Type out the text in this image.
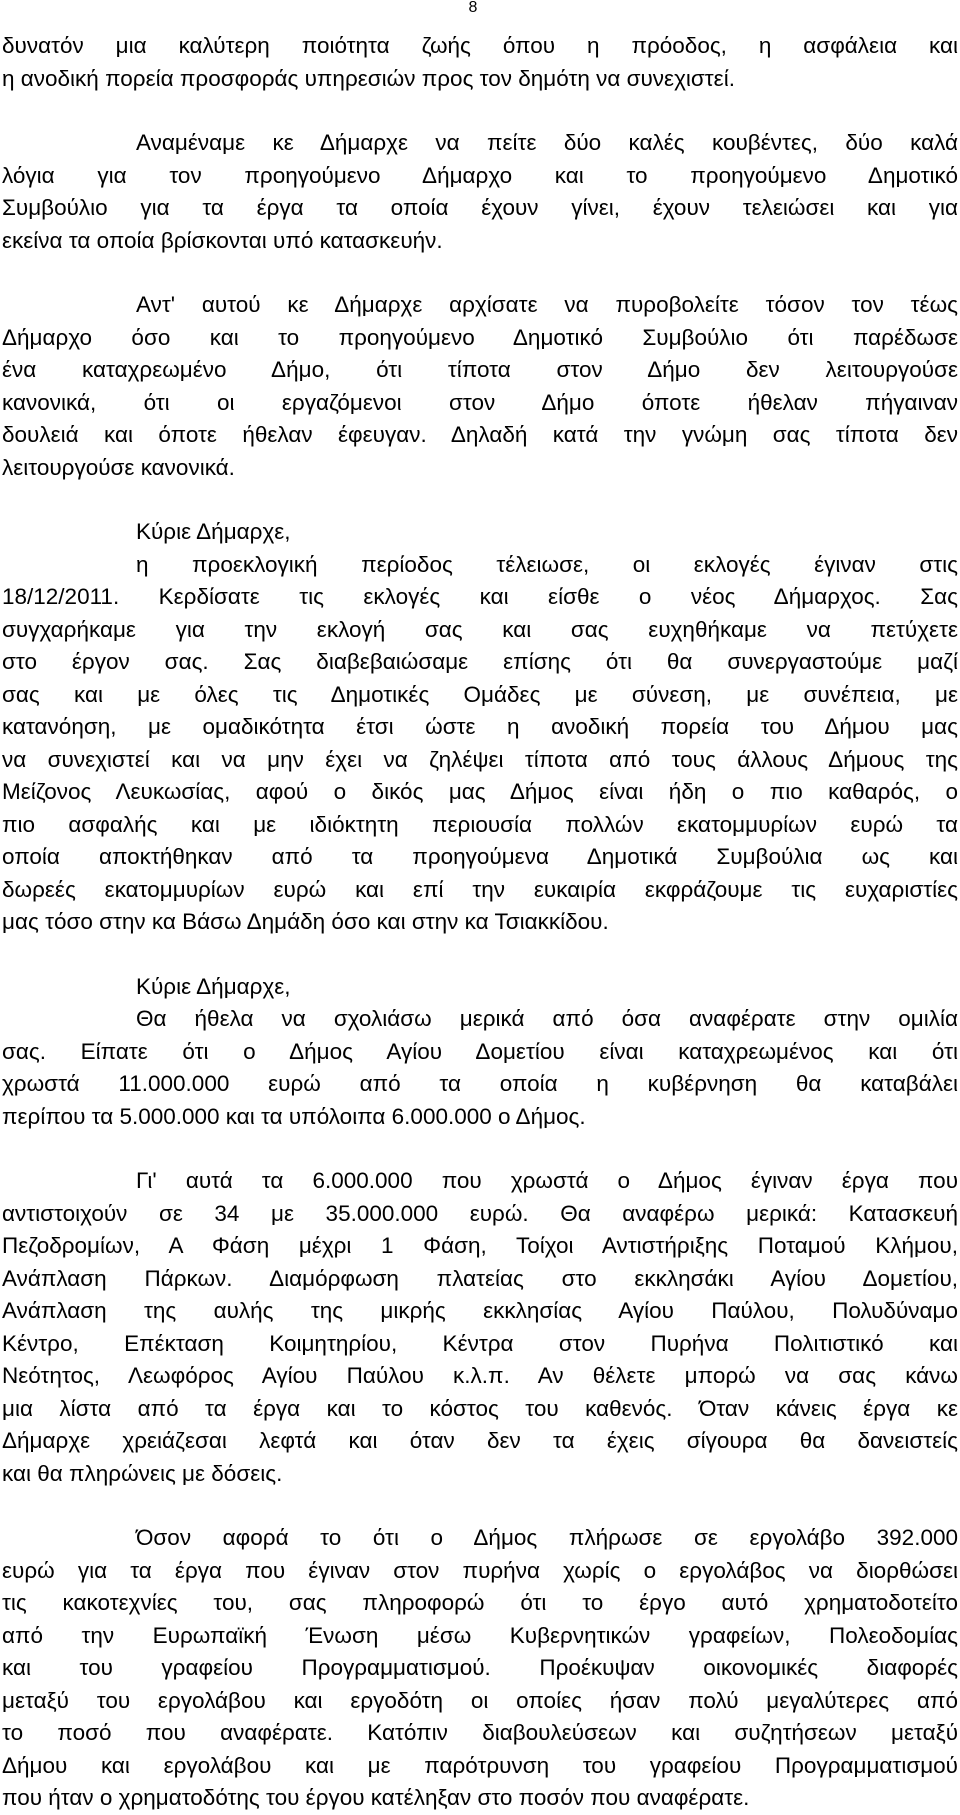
8

δυνατόν μια καλύτερη ποιότητα ζωής όπου η πρόοδος, η ασφάλεια και
η ανοδική πορεία προσφοράς υπηρεσιών προς τον δημότη να συνεχιστεί.
Αναμέναμε κε Δήμαρχε να πείτε δύο καλές κουβέντες, δύο καλά
λόγια για τον προηγούμενο Δήμαρχο και το προηγούμενο Δημοτικό
Συμβούλιο για τα έργα τα οποία έχουν γίνει, έχουν τελειώσει και για
εκείνα τα οποία βρίσκονται υπό κατασκευήν.
Αντ' αυτού κε Δήμαρχε αρχίσατε να πυροβολείτε τόσον τον τέως
Δήμαρχο όσο και το προηγούμενο Δημοτικό Συμβούλιο ότι παρέδωσε
ένα καταχρεωμένο Δήμο, ότι τίποτα στον Δήμο δεν λειτουργούσε
κανονικά, ότι οι εργαζόμενοι στον Δήμο όποτε ήθελαν πήγαιναν
δουλειά και όποτε ήθελαν έφευγαν. Δηλαδή κατά την γνώμη σας τίποτα δεν
λειτουργούσε κανονικά.
Κύριε Δήμαρχε,
η προεκλογική περίοδος τέλειωσε, οι εκλογές έγιναν στις
18/12/2011. Κερδίσατε τις εκλογές και είσθε ο νέος Δήμαρχος. Σας
συγχαρήκαμε για την εκλογή σας και σας ευχηθήκαμε να πετύχετε
στο έργον σας. Σας διαβεβαιώσαμε επίσης ότι θα συνεργαστούμε μαζί
σας και με όλες τις Δημοτικές Ομάδες με σύνεση, με συνέπεια, με
κατανόηση, με ομαδικότητα έτσι ώστε η ανοδική πορεία του Δήμου μας
να συνεχιστεί και να μην έχει να ζηλέψει τίποτα από τους άλλους Δήμους της
Μείζονος Λευκωσίας, αφού ο δικός μας Δήμος είναι ήδη ο πιο καθαρός, ο
πιο ασφαλής και με ιδιόκτητη περιουσία πολλών εκατομμυρίων ευρώ τα
οποία αποκτήθηκαν από τα προηγούμενα Δημοτικά Συμβούλια ως και
δωρεές εκατομμυρίων ευρώ και επί την ευκαιρία εκφράζουμε τις ευχαριστίες
μας τόσο στην κα Βάσω Δημάδη όσο και στην κα Τσιακκίδου.
Κύριε Δήμαρχε,
Θα ήθελα να σχολιάσω μερικά από όσα αναφέρατε στην ομιλία
σας. Είπατε ότι ο Δήμος Αγίου Δομετίου είναι καταχρεωμένος και ότι
χρωστά 11.000.000 ευρώ από τα οποία η κυβέρνηση θα καταβάλει
περίπου τα 5.000.000 και τα υπόλοιπα 6.000.000 ο Δήμος.
Γι' αυτά τα 6.000.000 που χρωστά ο Δήμος έγιναν έργα που
αντιστοιχούν σε 34 με 35.000.000 ευρώ. Θα αναφέρω μερικά: Κατασκευή
Πεζοδρομίων, Α Φάση μέχρι 1 Φάση, Τοίχοι Αντιστήριξης Ποταμού Κλήμου,
Ανάπλαση Πάρκων. Διαμόρφωση πλατείας στο εκκλησάκι Αγίου Δομετίου,
Ανάπλαση της αυλής της μικρής εκκλησίας Αγίου Παύλου, Πολυδύναμο
Κέντρο, Επέκταση Κοιμητηρίου, Κέντρα στον Πυρήνα Πολιτιστικό και
Νεότητος, Λεωφόρος Αγίου Παύλου κ.λ.π. Αν θέλετε μπορώ να σας κάνω
μια λίστα από τα έργα και το κόστος του καθενός. Όταν κάνεις έργα κε
Δήμαρχε χρειάζεσαι λεφτά και όταν δεν τα έχεις σίγουρα θα δανειστείς
και θα πληρώνεις με δόσεις.
Όσον αφορά το ότι ο Δήμος πλήρωσε σε εργολάβο 392.000
ευρώ για τα έργα που έγιναν στον πυρήνα χωρίς ο εργολάβος να διορθώσει
τις κακοτεχνίες του, σας πληροφορώ ότι το έργο αυτό χρηματοδοτείτο
από την Ευρωπαϊκή Ένωση μέσω Κυβερνητικών γραφείων, Πολεοδομίας
και του γραφείου Προγραμματισμού. Προέκυψαν οικονομικές διαφορές
μεταξύ του εργολάβου και εργοδότη οι οποίες ήσαν πολύ μεγαλύτερες από
το ποσό που αναφέρατε. Κατόπιν διαβουλεύσεων και συζητήσεων μεταξύ
Δήμου και εργολάβου και με παρότρυνση του γραφείου Προγραμματισμού
που ήταν ο χρηματοδότης του έργου κατέληξαν στο ποσόν που αναφέρατε.
